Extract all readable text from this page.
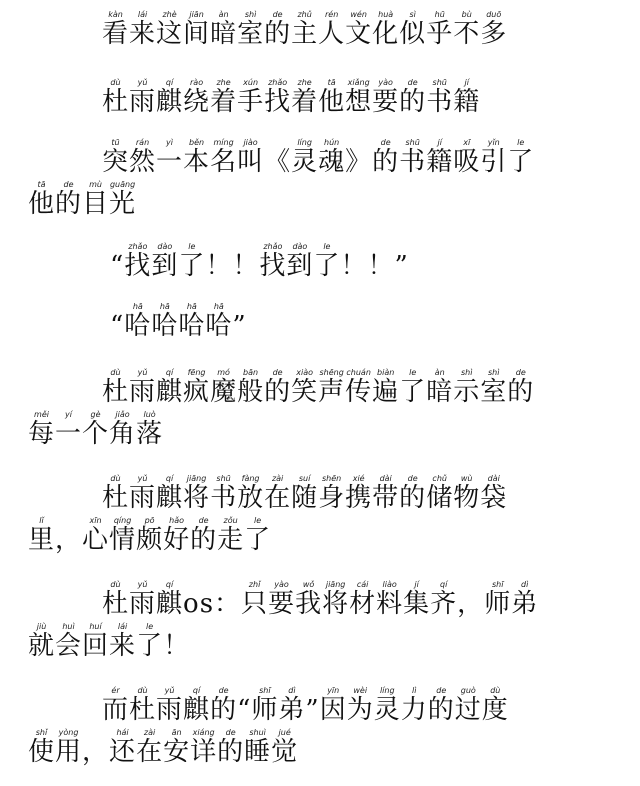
看kàn来lái这zhè间jiān暗àn室shì的de主zhǔ人rén文wén化huà似sì乎hū不bù多duō
杜dù雨yǔ麒qí绕rào着zhe手xún找zhǎo着zhe他tā想xiǎng要yào的de书shū籍jí
突tū然rán一yì本běn名míng叫jiào《 灵líng魂hún》 的de书shū籍jí吸xī引yǐn了le
他tā的de目mù光guāng
“ 找zhǎo到dào了le！ ！ 找zhǎo到dào了le！ ！ ”
“ 哈hā哈hā哈hā哈hā”
杜dù雨yǔ麒qí疯fēng魔mó般bān的de笑xiào声shēng传chuán遍biàn了le暗àn示shì室shì的de
每měi一yí个gè角jiǎo落luò
杜dù雨yǔ麒qí将jiāng书shū放fàng在zài随suí身shēn携xié带dài的de储chǔ物wù袋dài
里lǐ， 心xīn情qíng颇pō好hǎo的de走zǒu了le
杜dù雨yǔ麒qíos： 只zhǐ要yào我wǒ将jiāng材cái料liào集jí齐qí， 师shī弟dì
就jiù会huì回huí来lái了le！
而ér杜dù雨yǔ麒qí的de“ 师shī弟dì” 因yīn为wèi灵líng力lì的de过guò度dù
使shǐ用yòng， 还hái在zài安ān详xiáng的de睡shuì觉jué
